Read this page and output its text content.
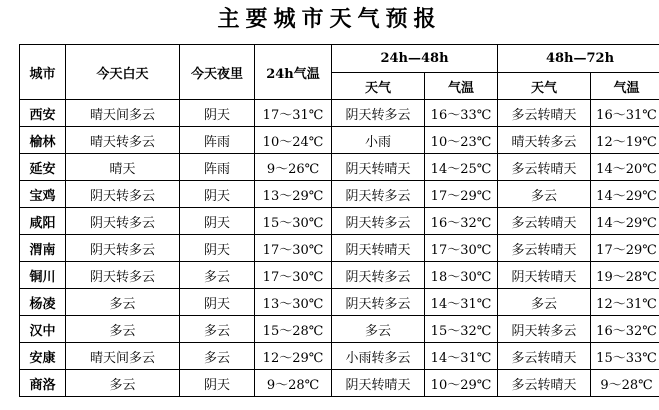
主要城市天气预报
城市	今天白天	今天夜里	24h气温	24h—48h		48h—72h	
				天气	气温	天气	气温
西安	晴天间多云	阴天	17～31℃	阴天转多云	16～33℃	多云转晴天	16～31℃
榆林	晴天转多云	阵雨	10～24℃	小雨	10～23℃	晴天转多云	12～19℃
延安	晴天	阵雨	9～26℃	阴天转晴天	14～25℃	多云转晴天	14～20℃
宝鸡	阴天转多云	阴天	13～29℃	阴天转多云	17～29℃	多云	14～29℃
咸阳	阴天转多云	阴天	15～30℃	阴天转多云	16～32℃	多云转晴天	14～29℃
渭南	阴天转多云	阴天	17～30℃	阴天转晴天	17～30℃	多云转晴天	17～29℃
铜川	阴天转多云	多云	17～30℃	阴天转多云	18～30℃	阴天转晴天	19～28℃
杨凌	多云	阴天	13～30℃	阴天转多云	14～31℃	多云	12～31℃
汉中	多云	多云	15～28℃	多云	15～32℃	阴天转多云	16～32℃
安康	晴天间多云	多云	12～29℃	小雨转多云	14～31℃	多云转晴天	15～33℃
商洛	多云	阴天	9～28℃	阴天转晴天	10～29℃	多云转晴天	9～28℃
